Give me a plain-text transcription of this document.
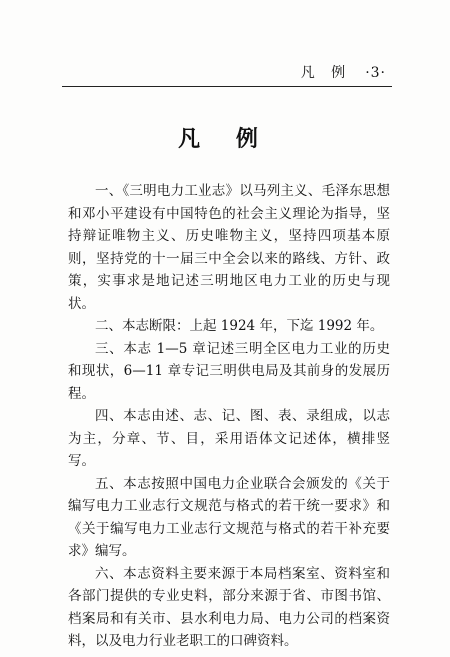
凡 例 ·3·
凡 例

一、《三明电力工业志》以马列主义、毛泽东思想和邓小平建设有中国特色的社会主义理论为指导，坚持辩证唯物主义、历史唯物主义，坚持四项基本原则，坚持党的十一届三中全会以来的路线、方针、政策，实事求是地记述三明地区电力工业的历史与现状。

二、本志断限：上起 1924 年，下迄 1992 年。

三、本志 1—5 章记述三明全区电力工业的历史和现状，6—11 章专记三明供电局及其前身的发展历程。

四、本志由述、志、记、图、表、录组成，以志为主，分章、节、目，采用语体文记述体，横排竖写。

五、本志按照中国电力企业联合会颁发的《关于编写电力工业志行文规范与格式的若干统一要求》和《关于编写电力工业志行文规范与格式的若干补充要求》编写。

六、本志资料主要来源于本局档案室、资料室和各部门提供的专业史料，部分来源于省、市图书馆、档案局和有关市、县水利电力局、电力公司的档案资料，以及电力行业老职工的口碑资料。
